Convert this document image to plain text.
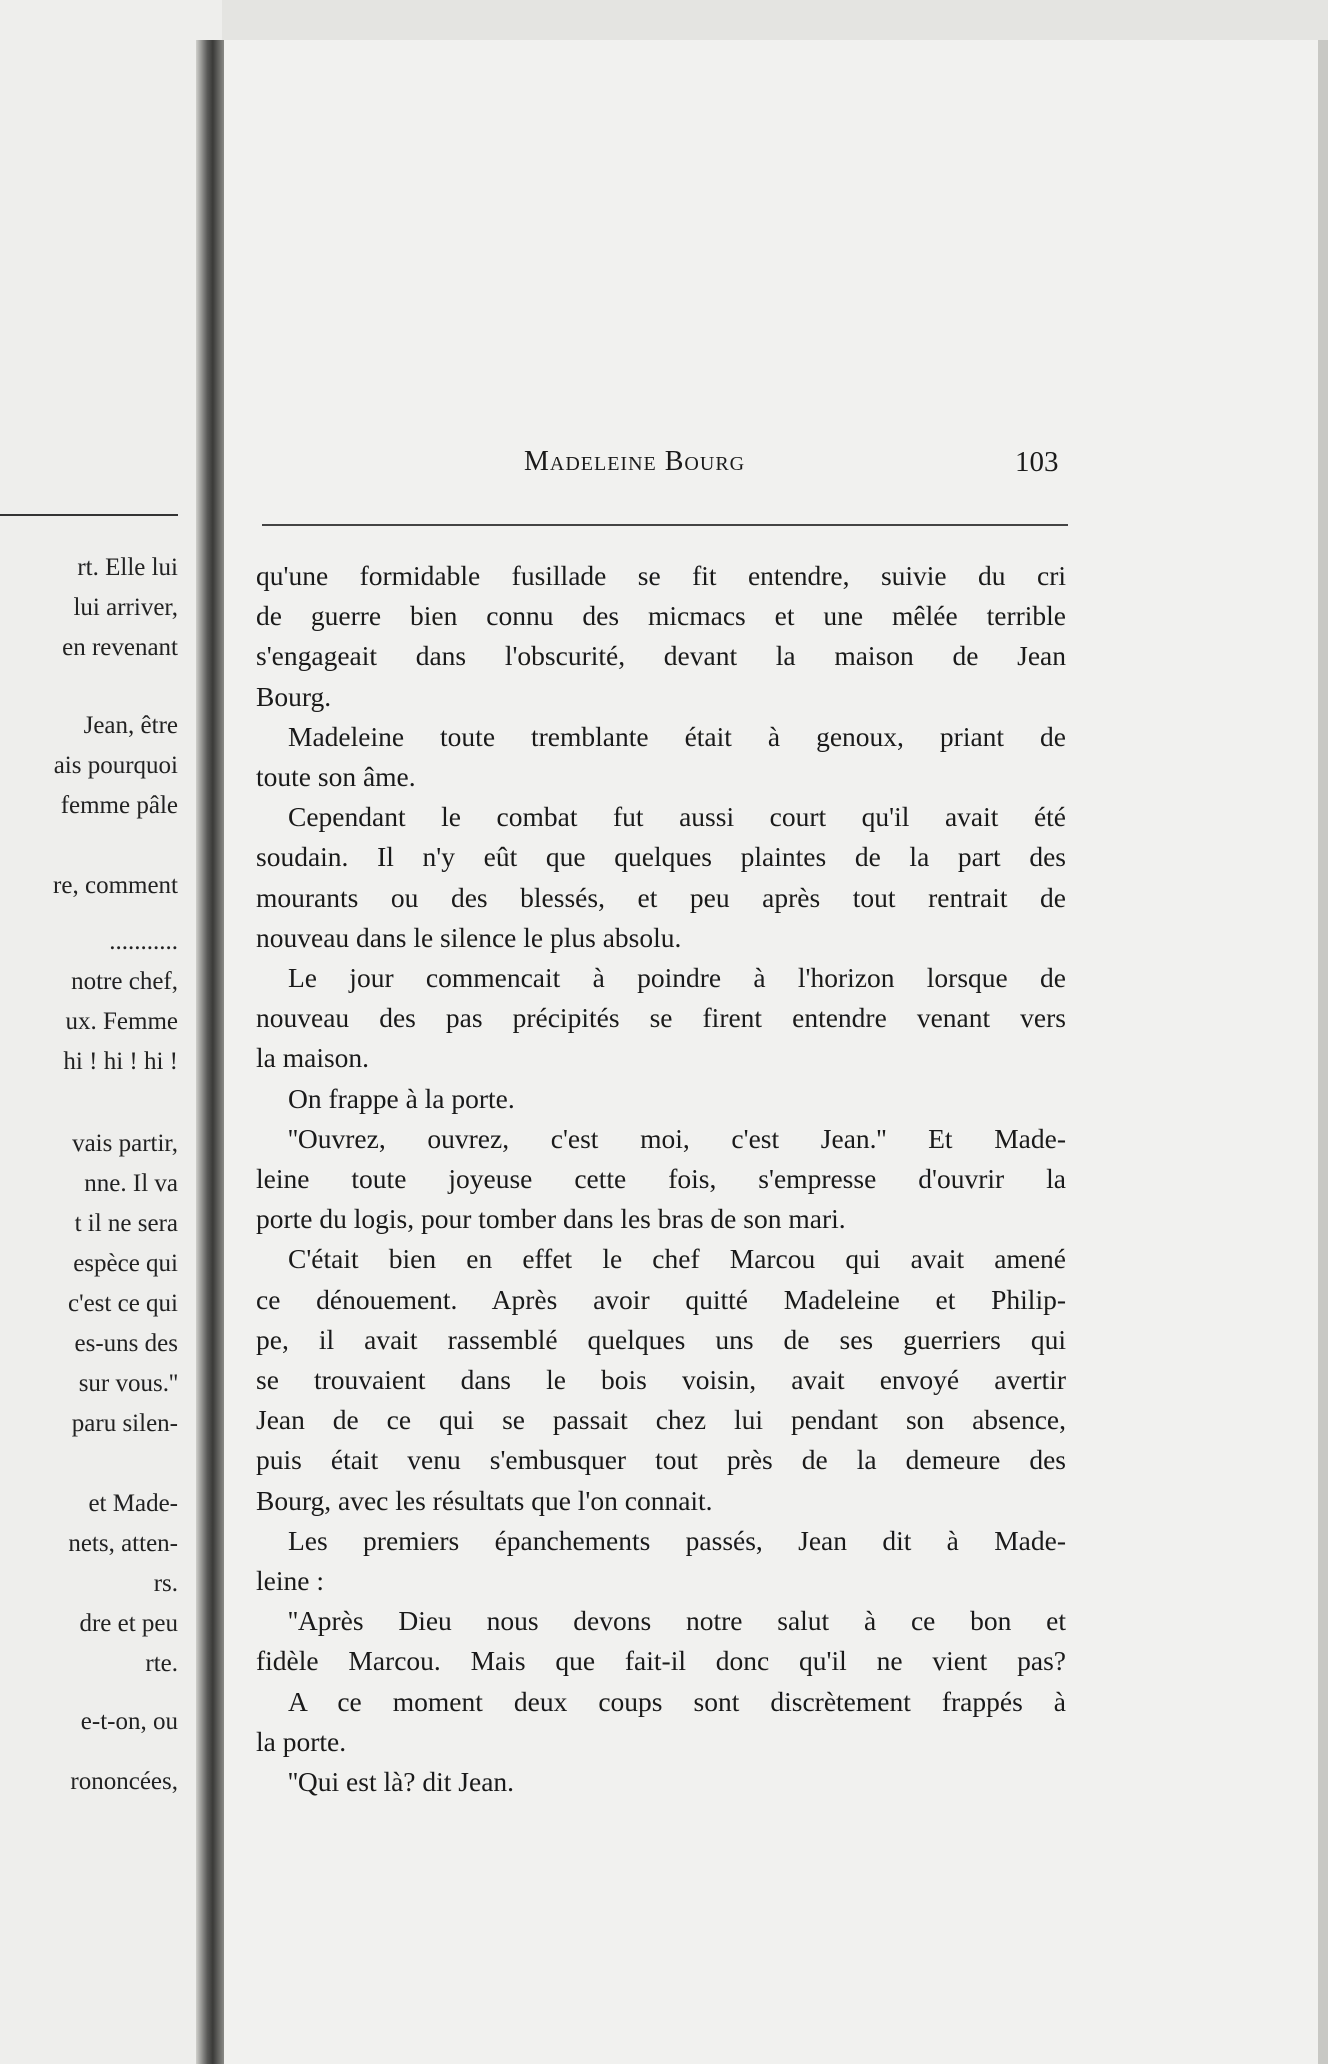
rt. Elle lui
lui arriver,
en revenant
Jean, être
ais pourquoi
femme pâle
re, comment
...........
notre chef,
ux. Femme
hi ! hi ! hi !
vais partir,
nne. Il va
t il ne sera
espèce qui
c'est ce qui
es-uns des
sur vous.''
paru silen-
et Made-
nets, atten-
rs.
dre et peu
rte.
e-t-on, ou
rononcées,
Madeleine Bourg	103
qu'une formidable fusillade se fit entendre, suivie du cri
de guerre bien connu des micmacs et une mêlée terrible
s'engageait dans l'obscurité, devant la maison de Jean
Bourg.
Madeleine toute tremblante était à genoux, priant de
toute son âme.
Cependant le combat fut aussi court qu'il avait été
soudain. Il n'y eût que quelques plaintes de la part des
mourants ou des blessés, et peu après tout rentrait de
nouveau dans le silence le plus absolu.
Le jour commencait à poindre à l'horizon lorsque de
nouveau des pas précipités se firent entendre venant vers
la maison.
On frappe à la porte.
''Ouvrez, ouvrez, c'est moi, c'est Jean.'' Et Made-
leine toute joyeuse cette fois, s'empresse d'ouvrir la
porte du logis, pour tomber dans les bras de son mari.
C'était bien en effet le chef Marcou qui avait amené
ce dénouement. Après avoir quitté Madeleine et Philip-
pe, il avait rassemblé quelques uns de ses guerriers qui
se trouvaient dans le bois voisin, avait envoyé avertir
Jean de ce qui se passait chez lui pendant son absence,
puis était venu s'embusquer tout près de la demeure des
Bourg, avec les résultats que l'on connait.
Les premiers épanchements passés, Jean dit à Made-
leine :
''Après Dieu nous devons notre salut à ce bon et
fidèle Marcou. Mais que fait-il donc qu'il ne vient pas?
A ce moment deux coups sont discrètement frappés à
la porte.
''Qui est là? dit Jean.
